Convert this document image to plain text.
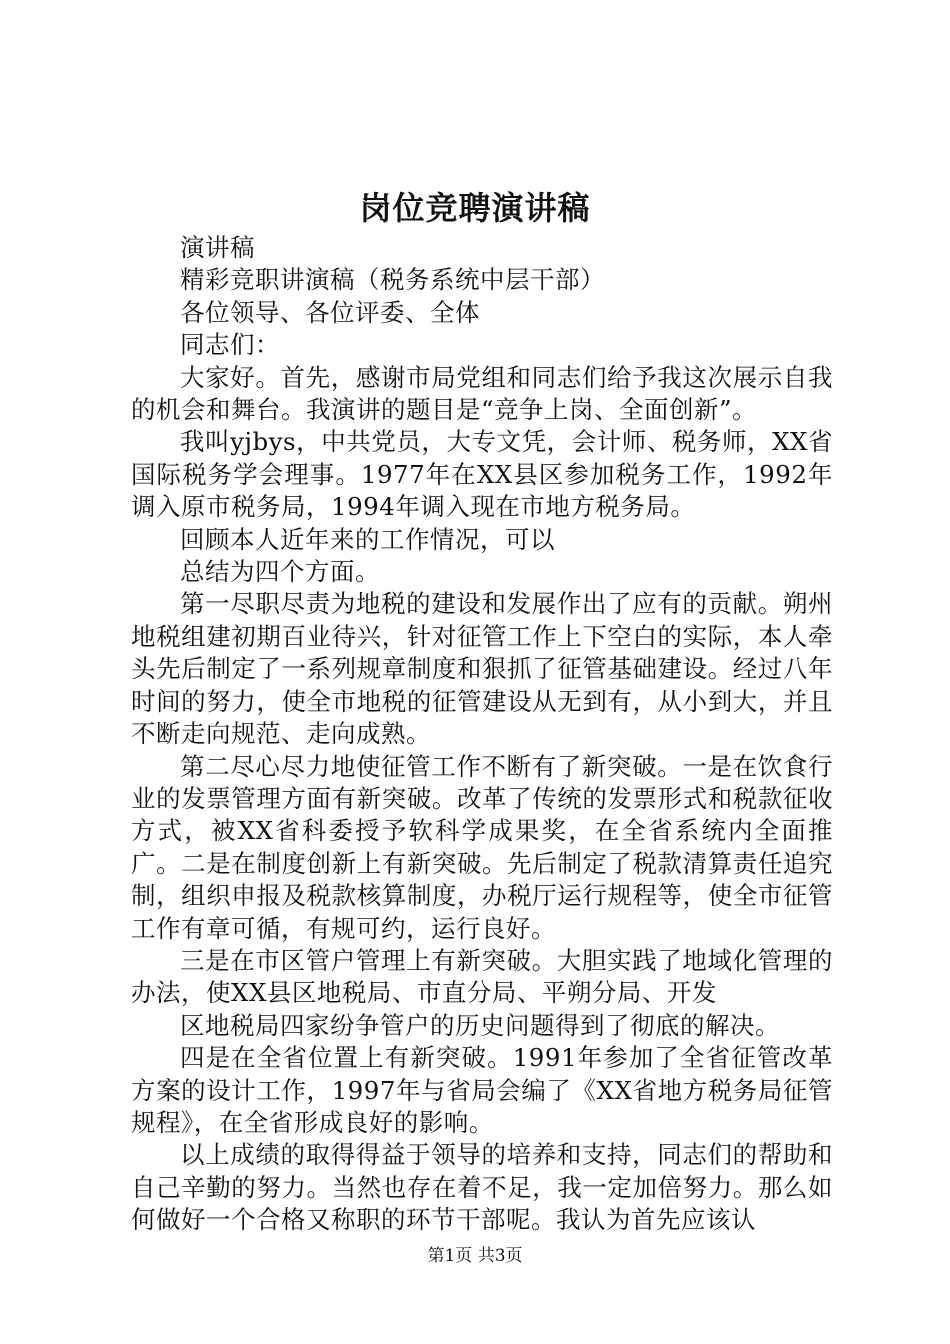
岗位竞聘演讲稿

演讲稿

精彩竞职讲演稿（税务系统中层干部）

各位领导、各位评委、全体

同志们：

大家好。首先，感谢市局党组和同志们给予我这次展示自我的机会和舞台。我演讲的题目是“竞争上岗、全面创新”。

我叫yjbys，中共党员，大专文凭，会计师、税务师，XX省国际税务学会理事。1977年在XX县区参加税务工作，1992年调入原市税务局，1994年调入现在市地方税务局。

回顾本人近年来的工作情况，可以

总结为四个方面。

第一尽职尽责为地税的建设和发展作出了应有的贡献。朔州地税组建初期百业待兴，针对征管工作上下空白的实际，本人牵头先后制定了一系列规章制度和狠抓了征管基础建设。经过八年时间的努力，使全市地税的征管建设从无到有，从小到大，并且不断走向规范、走向成熟。

第二尽心尽力地使征管工作不断有了新突破。一是在饮食行业的发票管理方面有新突破。改革了传统的发票形式和税款征收方式，被XX省科委授予软科学成果奖，在全省系统内全面推广。二是在制度创新上有新突破。先后制定了税款清算责任追究制，组织申报及税款核算制度，办税厅运行规程等，使全市征管工作有章可循，有规可约，运行良好。

三是在市区管户管理上有新突破。大胆实践了地域化管理的办法，使XX县区地税局、市直分局、平朔分局、开发

区地税局四家纷争管户的历史问题得到了彻底的解决。

四是在全省位置上有新突破。1991年参加了全省征管改革方案的设计工作，1997年与省局会编了《XX省地方税务局征管规程》，在全省形成良好的影响。

以上成绩的取得得益于领导的培养和支持，同志们的帮助和自己辛勤的努力。当然也存在着不足，我一定加倍努力。那么如何做好一个合格又称职的环节干部呢。我认为首先应该认

第1页 共3页
